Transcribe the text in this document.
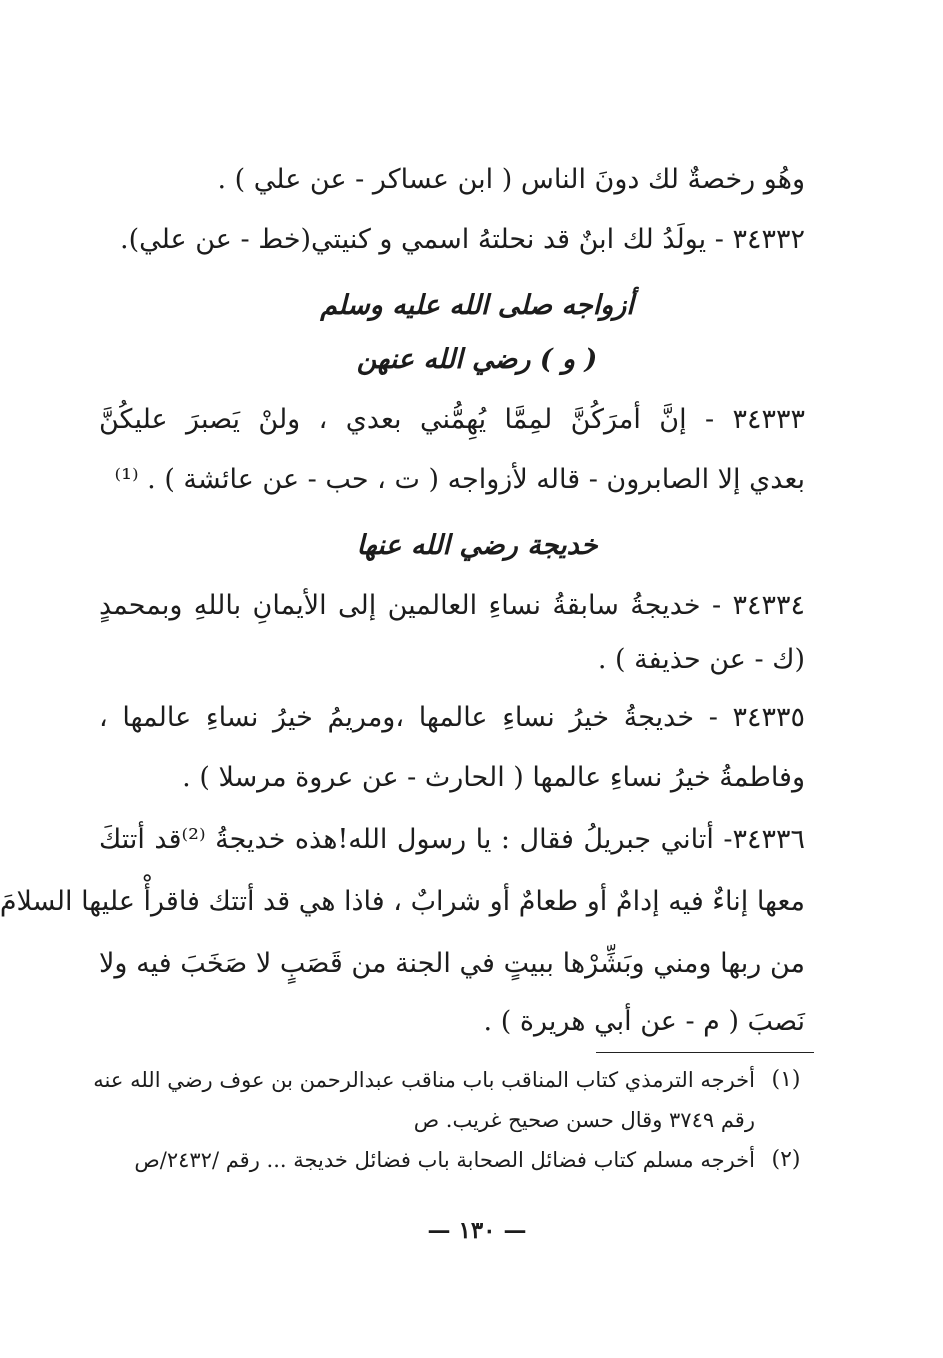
وهُو رخصةٌ لك دونَ الناس ( ابن عساكر - عن علي ) .
٣٤٣٣٢ - يولَدُ لك ابنٌ قد نحلتهُ اسمي و كنيتي(خط - عن علي).
أزواجه صلى الله عليه وسلم
( و ) رضي الله عنهن
٣٤٣٣٣ - إنَّ أمرَكُنَّ لمِمَّا يُهِمُّني بعدي ، ولنْ يَصبرَ عليكُنَّ
بعدي إلا الصابرون - قاله لأزواجه ( ت ، حب - عن عائشة ) . ⁽¹⁾
خديجة رضي الله عنها
٣٤٣٣٤ - خديجةُ سابقةُ نساءِ العالمين إلى الأيمانِ باللهِ وبمحمدٍ
(ك - عن حذيفة ) .
٣٤٣٣٥ - خديجةُ خيرُ نساءِ عالمها ،ومريمُ خيرُ نساءِ عالمها ،
وفاطمةُ خيرُ نساءِ عالمها ( الحارث - عن عروة مرسلا ) .
٣٤٣٣٦- أتاني جبريلُ فقال : يا رسول الله!هذه خديجةُ ⁽²⁾قد أتتكَ
معها إناءٌ فيه إدامٌ أو طعامٌ أو شرابٌ ، فاذا هي قد أتتك فاقرأْ عليها السلامَ
من ربها ومني وبَشِّرْها ببيتٍ في الجنة من قَصَبٍ لا صَخَبَ فيه ولا
نَصبَ ( م - عن أبي هريرة ) .
(١)
أخرجه الترمذي كتاب المناقب باب مناقب عبدالرحمن بن عوف رضي الله عنه
رقم ٣٧٤٩ وقال حسن صحيح غريب. ص
(٢)
أخرجه مسلم كتاب فضائل الصحابة باب فضائل خديجة ... رقم /٢٤٣٢/ص
— ١٣٠ —
